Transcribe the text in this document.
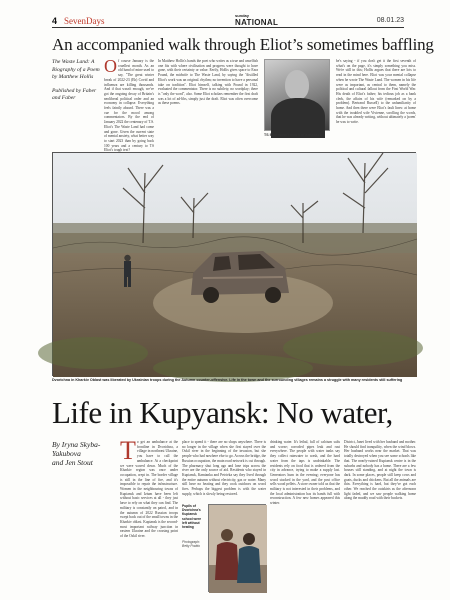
4 SevenDays
sunday
NATIONAL	08.01.23
An accompanied walk through Eliot’s sometimes baffling

The Waste Land: A Biography of a Poem by Matthew Hollis

Published by Faber and Faber

Of course January is the cruellest month. As an old hand of mine used to say, "The great winter break of 2022-23 (Eh) Covid and influenza are killing thousands. And if that wasn't enough, we've got the ongoing decay of Britain's neoliberal political order and an economy in collapse. Everything feels faintly absurd. There was a cue for the mood among commentators. By the end of January 2022 the centenary of T.S. Eliot's The Waste Land had come and gone. Given the current state of mental anxiety, what better way to start 2023 than by going back 100 years and a century to TS Eliot's tough text?
In Matthew Hollis's hands the poet who writes as a true and unselfish one fits with where civilisation and progress were thought to have gone, with their certainty or value. Eerily, Hollis gives space to Ezra Pound, the midwife to The Waste Land, by saying the "distilled Eliot's work was an original. rhythm; no invention to have a personal take on tradition". Eliot himself, talking with Pound in 1922, evaluated the commentator. There is no subtlety, no wordplay; there is "only the word", also. Some Eliot scholars remember the first draft was a lot of ad-libs, simply just the draft. Eliot was often overcome as these poems.
TS Eliot wasn't much of a mensch
be's saying - if you don't get it the first seventh of what's on the page, it's simply something you miss. We're still in this; Hollis argues that there are lots to read in the mind here. Eliot was your mental collapse when he wrote The Waste Land. The women in his life were as important, as central to them, namely the political and cultural fallout from the First World War. His death of Eliot's father; his tedious job as a bank clerk, the affairs of his wife (remarked on by a problem). Bertrand Russell) to the unfamiliarity of home. And then there were Eliot's fault lines: at home with the troubled wife Vivienne, scrolling the words, that he was already writing, without ultimately a 'poem' he was to write.
Dvorichna in Kharkiv Oblast was liberated by Ukrainian troops during the Autumn counter-offensive. Life in the town and the surrounding villages remains a struggle with many residents still suffering
Life in Kupyansk: No water,
By Iryna Skyba-Yakubova
and Jen Stout	To get an ambulance at the frontline in Dvorichna, a village in northeast Ukraine, you have to call the ambulance. At a checkpoint we were waved down. Much of the Kharkiv region was once under occupation, crept in. The border village is still in the line of fire, and it's impossible to repair the infrastructure. Women in the neighbouring towns of Kupiansk and Izium have been left without basic services at all - they just have to rely on what they can find. The military is constantly on patrol, and in the autumn of 2022 Russian troops swept back out of the small towns in the Kharkiv oblast. Kupiansk is the second-most important railway junction in eastern Ukraine and the crossing point of the Oskil river.
place to spend it - there are no shops anywhere. There is no longer in the village when she first stayed over the Oskil river in the beginning of the invasion, but she people who had nowhere else to go. Across the bridge, the Russian occupation, the main road network is cut through. The pharmacy shut long ago and lone trips across the river are the only source of aid. Residents who stayed in Kupiansk, Kamianka and Petrivka say they lived through the entire autumn without electricity, gas or water. Many still have no heating and they cook outdoors on wood fires. Perhaps the biggest problem is with the water supply, which is slowly being restored.
Pupils of Dvorichna's Kupiansk school were left without heating
Photograph: Betty Poddo
drinking water. It's lethal, full of calcium salts and worse; corroded pipes leak and rust everywhere. The people with water tanks say they collect rainwater to wash, and the hard water from the taps is undrinkable. The residents rely on food that is ordered from the city in advance, trying to make a supply last. Generators hum in the evening; everyone has wood stacked in the yard, and the post office sells wood pellets. A store owner told us that the military is not interested in their problems, and the local administration has its hands full with reconstruction. A few new homes appeared this winter.
District, Janet lived with her husband and mother. He should find tranquility, when the wind blows. Her husband works near the market. That was totally destroyed when you see some schools like that. The nearly-ruined Kupiansk centre is in the suburbs and nobody has a home. There are a few houses still standing, and at night the town is dark. In some places, people still keep cows and goats, ducks and chickens. But all the animals are thin. Everything is hard, but they've got each other. We reached the outskirts as the afternoon light faded, and we saw people walking home along the muddy road with their buckets.
